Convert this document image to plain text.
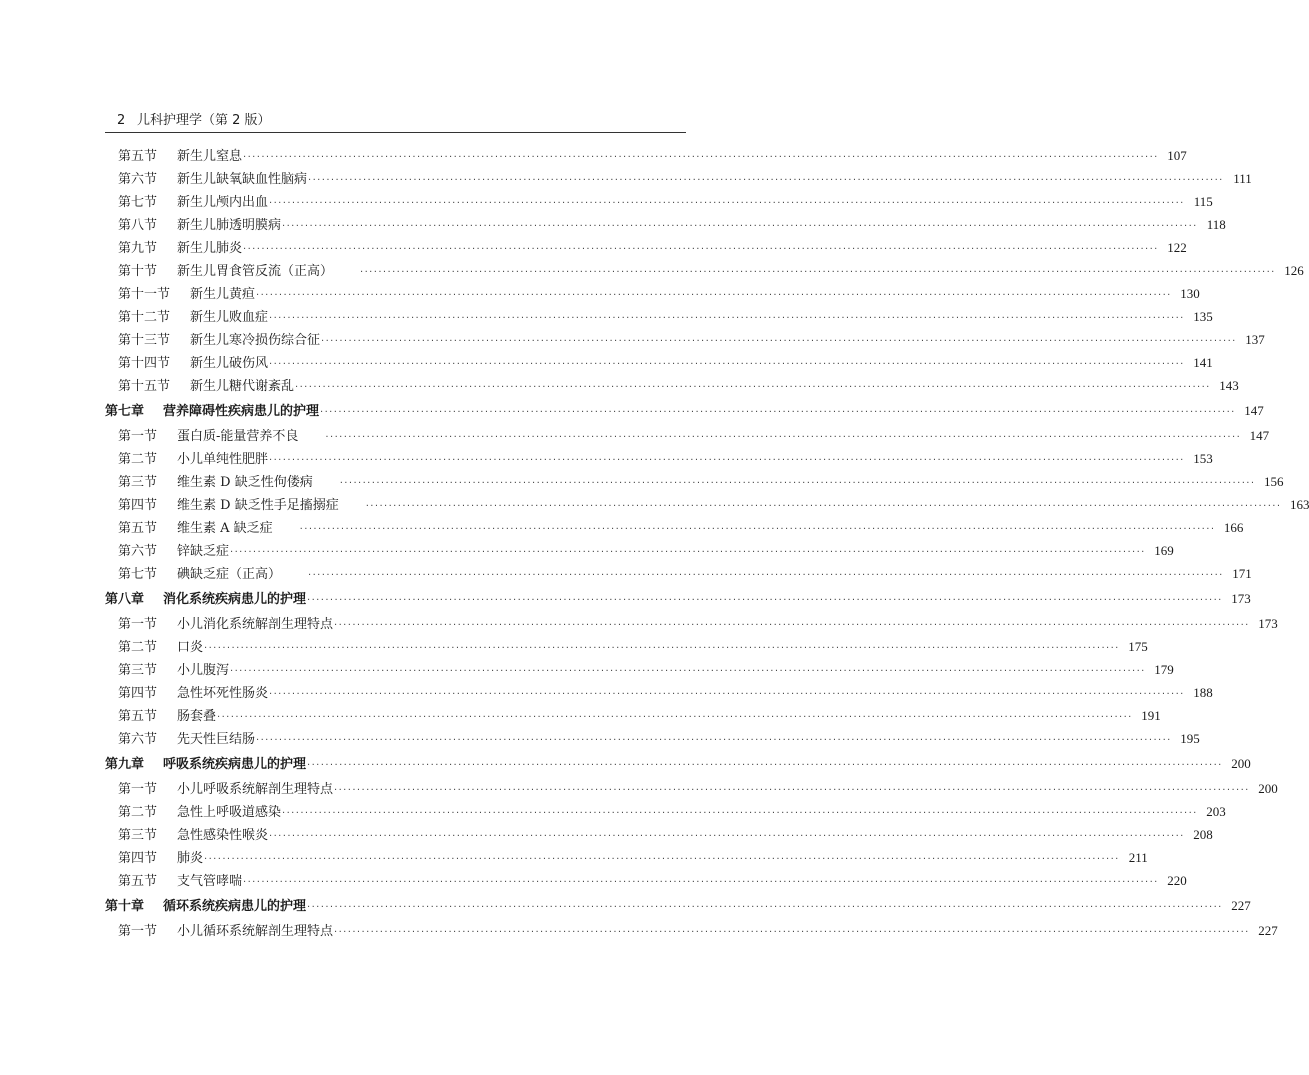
2 儿科护理学（第 2 版）
第五节	新生儿窒息 ········································································································································································································ 107
第六节	新生儿缺氧缺血性脑病 ········································································································································································································ 111
第七节	新生儿颅内出血 ········································································································································································································ 115
第八节	新生儿肺透明膜病 ········································································································································································································ 118
第九节	新生儿肺炎 ········································································································································································································ 122
第十节	新生儿胃食管反流（正高）	········································································································································································································ 126
第十一节	新生儿黄疸 ········································································································································································································ 130
第十二节	新生儿败血症 ········································································································································································································ 135
第十三节	新生儿寒冷损伤综合征 ········································································································································································································ 137
第十四节	新生儿破伤风 ········································································································································································································ 141
第十五节	新生儿糖代谢紊乱 ········································································································································································································ 143
第七章	营养障碍性疾病患儿的护理 ········································································································································································································ 147
第一节	蛋白质-能量营养不良	········································································································································································································ 147
第二节	小儿单纯性肥胖 ········································································································································································································ 153
第三节	维生素 D 缺乏性佝偻病	········································································································································································································ 156
第四节	维生素 D 缺乏性手足搐搦症	········································································································································································································ 163
第五节	维生素 A 缺乏症	········································································································································································································ 166
第六节	锌缺乏症 ········································································································································································································ 169
第七节	碘缺乏症（正高）	········································································································································································································ 171
第八章	消化系统疾病患儿的护理 ········································································································································································································ 173
第一节	小儿消化系统解剖生理特点 ········································································································································································································ 173
第二节	口炎 ········································································································································································································ 175
第三节	小儿腹泻 ········································································································································································································ 179
第四节	急性坏死性肠炎 ········································································································································································································ 188
第五节	肠套叠 ········································································································································································································ 191
第六节	先天性巨结肠 ········································································································································································································ 195
第九章	呼吸系统疾病患儿的护理 ········································································································································································································ 200
第一节	小儿呼吸系统解剖生理特点 ········································································································································································································ 200
第二节	急性上呼吸道感染 ········································································································································································································ 203
第三节	急性感染性喉炎 ········································································································································································································ 208
第四节	肺炎 ········································································································································································································ 211
第五节	支气管哮喘 ········································································································································································································ 220
第十章	循环系统疾病患儿的护理 ········································································································································································································ 227
第一节	小儿循环系统解剖生理特点 ········································································································································································································ 227
